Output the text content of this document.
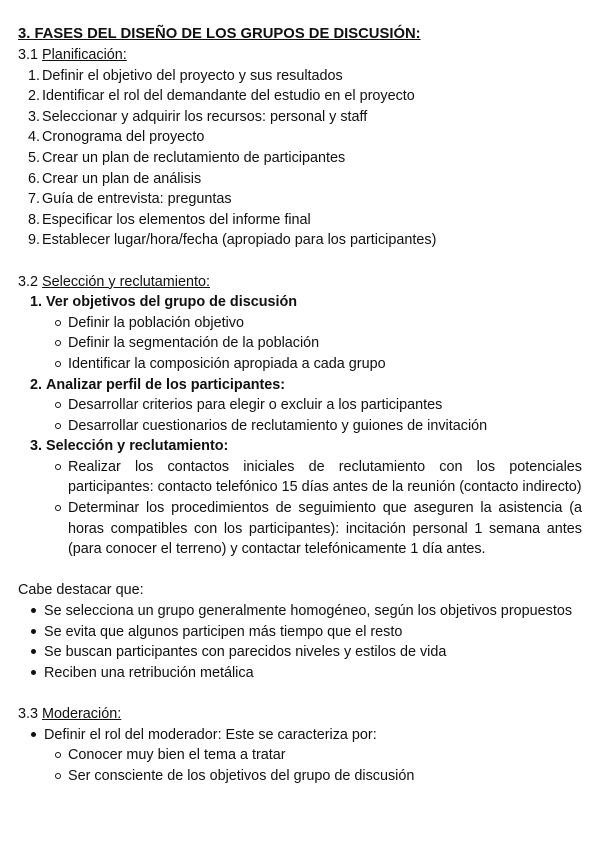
3. FASES DEL DISEÑO DE LOS GRUPOS DE DISCUSIÓN:
3.1 Planificación:
1. Definir el objetivo del proyecto y sus resultados
2. Identificar el rol del demandante del estudio en el proyecto
3. Seleccionar y adquirir los recursos: personal y staff
4. Cronograma del proyecto
5. Crear un plan de reclutamiento de participantes
6. Crear un plan de análisis
7. Guía de entrevista: preguntas
8. Especificar los elementos del informe final
9. Establecer lugar/hora/fecha (apropiado para los participantes)
3.2 Selección y reclutamiento:
1. Ver objetivos del grupo de discusión
Definir la población objetivo
Definir la segmentación de la población
Identificar la composición apropiada a cada grupo
2. Analizar perfil de los participantes:
Desarrollar criterios para elegir o excluir a los participantes
Desarrollar cuestionarios de reclutamiento y guiones de invitación
3. Selección y reclutamiento:
Realizar los contactos iniciales de reclutamiento con los potenciales participantes: contacto telefónico 15 días antes de la reunión (contacto indirecto)
Determinar los procedimientos de seguimiento que aseguren la asistencia (a horas compatibles con los participantes): incitación personal 1 semana antes (para conocer el terreno) y contactar telefónicamente 1 día antes.
Cabe destacar que:
Se selecciona un grupo generalmente homogéneo, según los objetivos propuestos
Se evita que algunos participen más tiempo que el resto
Se buscan participantes con parecidos niveles y estilos de vida
Reciben una retribución metálica
3.3 Moderación:
Definir el rol del moderador: Este se caracteriza por:
Conocer muy bien el tema a tratar
Ser consciente de los objetivos del grupo de discusión
